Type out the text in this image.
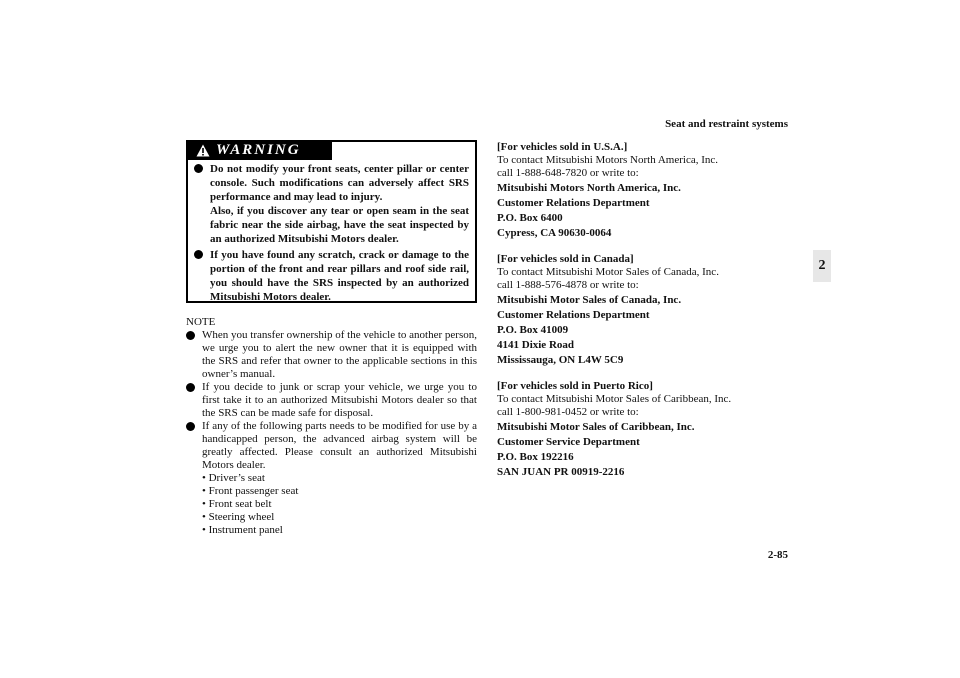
Seat and restraint systems
2
WARNING
Do not modify your front seats, center pillar or center console. Such modifications can adversely affect SRS performance and may lead to injury.
Also, if you discover any tear or open seam in the seat fabric near the side airbag, have the seat inspected by an authorized Mitsubishi Motors dealer.
If you have found any scratch, crack or damage to the portion of the front and rear pillars and roof side rail, you should have the SRS inspected by an authorized Mitsubishi Motors dealer.
NOTE
When you transfer ownership of the vehicle to another person, we urge you to alert the new owner that it is equipped with the SRS and refer that owner to the applicable sections in this owner’s manual.
If you decide to junk or scrap your vehicle, we urge you to first take it to an authorized Mitsubishi Motors dealer so that the SRS can be made safe for disposal.
If any of the following parts needs to be modified for use by a handicapped person, the advanced airbag system will be greatly affected. Please consult an authorized Mitsubishi Motors dealer.
• Driver’s seat
• Front passenger seat
• Front seat belt
• Steering wheel
• Instrument panel
[For vehicles sold in U.S.A.]
To contact Mitsubishi Motors North America, Inc.
call 1-888-648-7820 or write to:
Mitsubishi Motors North America, Inc.
Customer Relations Department
P.O. Box 6400
Cypress, CA 90630-0064
[For vehicles sold in Canada]
To contact Mitsubishi Motor Sales of Canada, Inc.
call 1-888-576-4878 or write to:
Mitsubishi Motor Sales of Canada, Inc.
Customer Relations Department
P.O. Box 41009
4141 Dixie Road
Mississauga, ON L4W 5C9
[For vehicles sold in Puerto Rico]
To contact Mitsubishi Motor Sales of Caribbean, Inc.
call 1-800-981-0452 or write to:
Mitsubishi Motor Sales of Caribbean, Inc.
Customer Service Department
P.O. Box 192216
SAN JUAN PR 00919-2216
2-85
